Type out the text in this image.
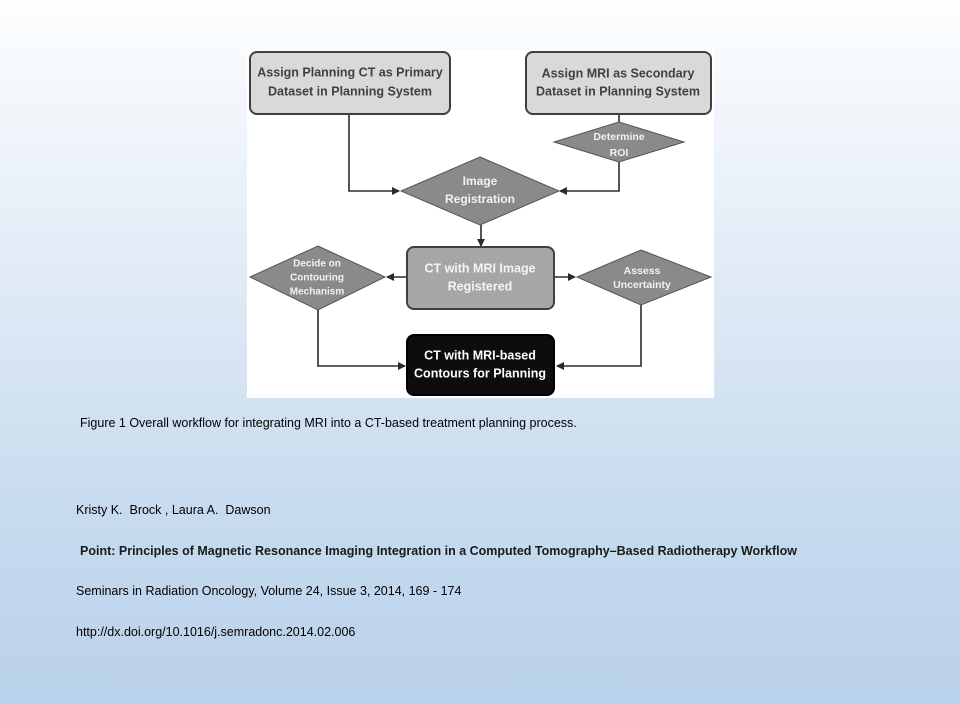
Assign Planning CT as Primary
Dataset in Planning System
Assign MRI as Secondary
Dataset in Planning System
Determine
ROI
Image
Registration
CT with MRI Image
Registered
Decide on
Contouring
Mechanism
Assess
Uncertainty
CT with MRI-based
Contours for Planning
Figure 1 Overall workflow for integrating MRI into a CT-based treatment planning process.
Kristy K.  Brock , Laura A.  Dawson
Point: Principles of Magnetic Resonance Imaging Integration in a Computed Tomography–Based Radiotherapy Workflow
Seminars in Radiation Oncology, Volume 24, Issue 3, 2014, 169 - 174
http://dx.doi.org/10.1016/j.semradonc.2014.02.006
